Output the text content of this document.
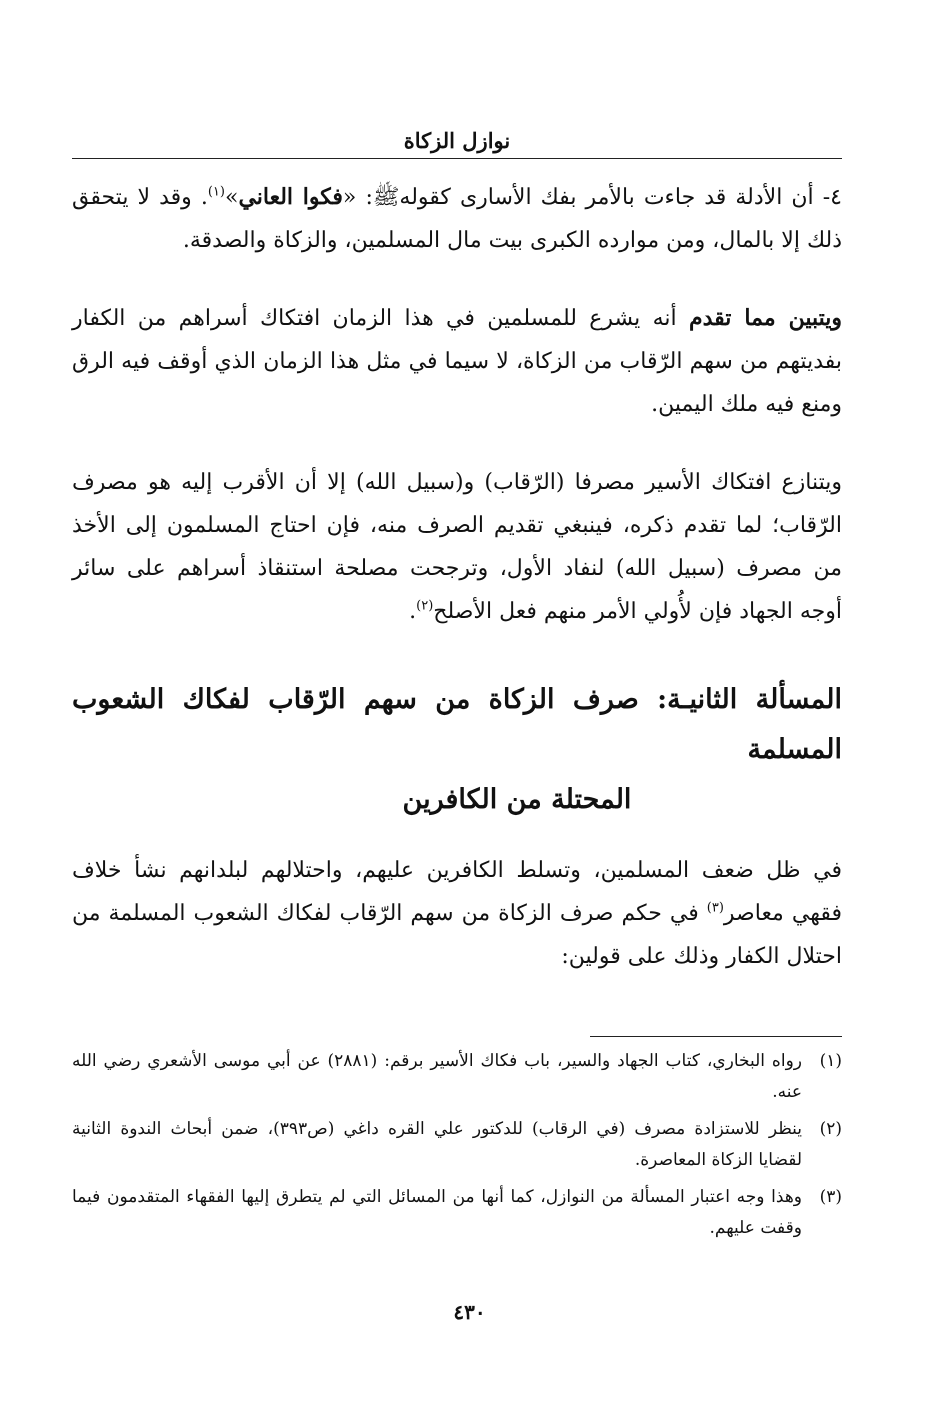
نوازل الزكاة

٤- أن الأدلة قد جاءت بالأمر بفك الأسارى كقولهﷺ: «فكوا العاني»$^{(١)}$. وقد لا يتحقق ذلك إلا بالمال، ومن موارده الكبرى بيت مال المسلمين، والزكاة والصدقة.

ويتبين مما تقدم أنه يشرع للمسلمين في هذا الزمان افتكاك أسراهم من الكفار بفديتهم من سهم الرّقاب من الزكاة، لا سيما في مثل هذا الزمان الذي أوقف فيه الرق ومنع فيه ملك اليمين.

ويتنازع افتكاك الأسير مصرفا (الرّقاب) و(سبيل الله) إلا أن الأقرب إليه هو مصرف الرّقاب؛ لما تقدم ذكره، فينبغي تقديم الصرف منه، فإن احتاج المسلمون إلى الأخذ من مصرف (سبيل الله) لنفاد الأول، وترجحت مصلحة استنقاذ أسراهم على سائر أوجه الجهاد فإن لأُولي الأمر منهم فعل الأصلح$^{(٢)}$.

المسألة الثانيـة: صرف الزكاة من سهم الرّقاب لفكاك الشعوب المسلمة
المحتلة من الكافرين

في ظل ضعف المسلمين، وتسلط الكافرين عليهم، واحتلالهم لبلدانهم نشأ خلاف فقهي معاصر$^{(٣)}$ في حكم صرف الزكاة من سهم الرّقاب لفكاك الشعوب المسلمة من احتلال الكفار وذلك على قولين:

(١)
رواه البخاري، كتاب الجهاد والسير، باب فكاك الأسير برقم: (٢٨٨١) عن أبي موسى الأشعري رضي الله عنه.
(٢)
ينظر للاستزادة مصرف (في الرقاب) للدكتور علي القره داغي (ص٣٩٣)، ضمن أبحاث الندوة الثانية لقضايا الزكاة المعاصرة.
(٣)
وهذا وجه اعتبار المسألة من النوازل، كما أنها من المسائل التي لم يتطرق إليها الفقهاء المتقدمون فيما وقفت عليهم.
٤٣٠
